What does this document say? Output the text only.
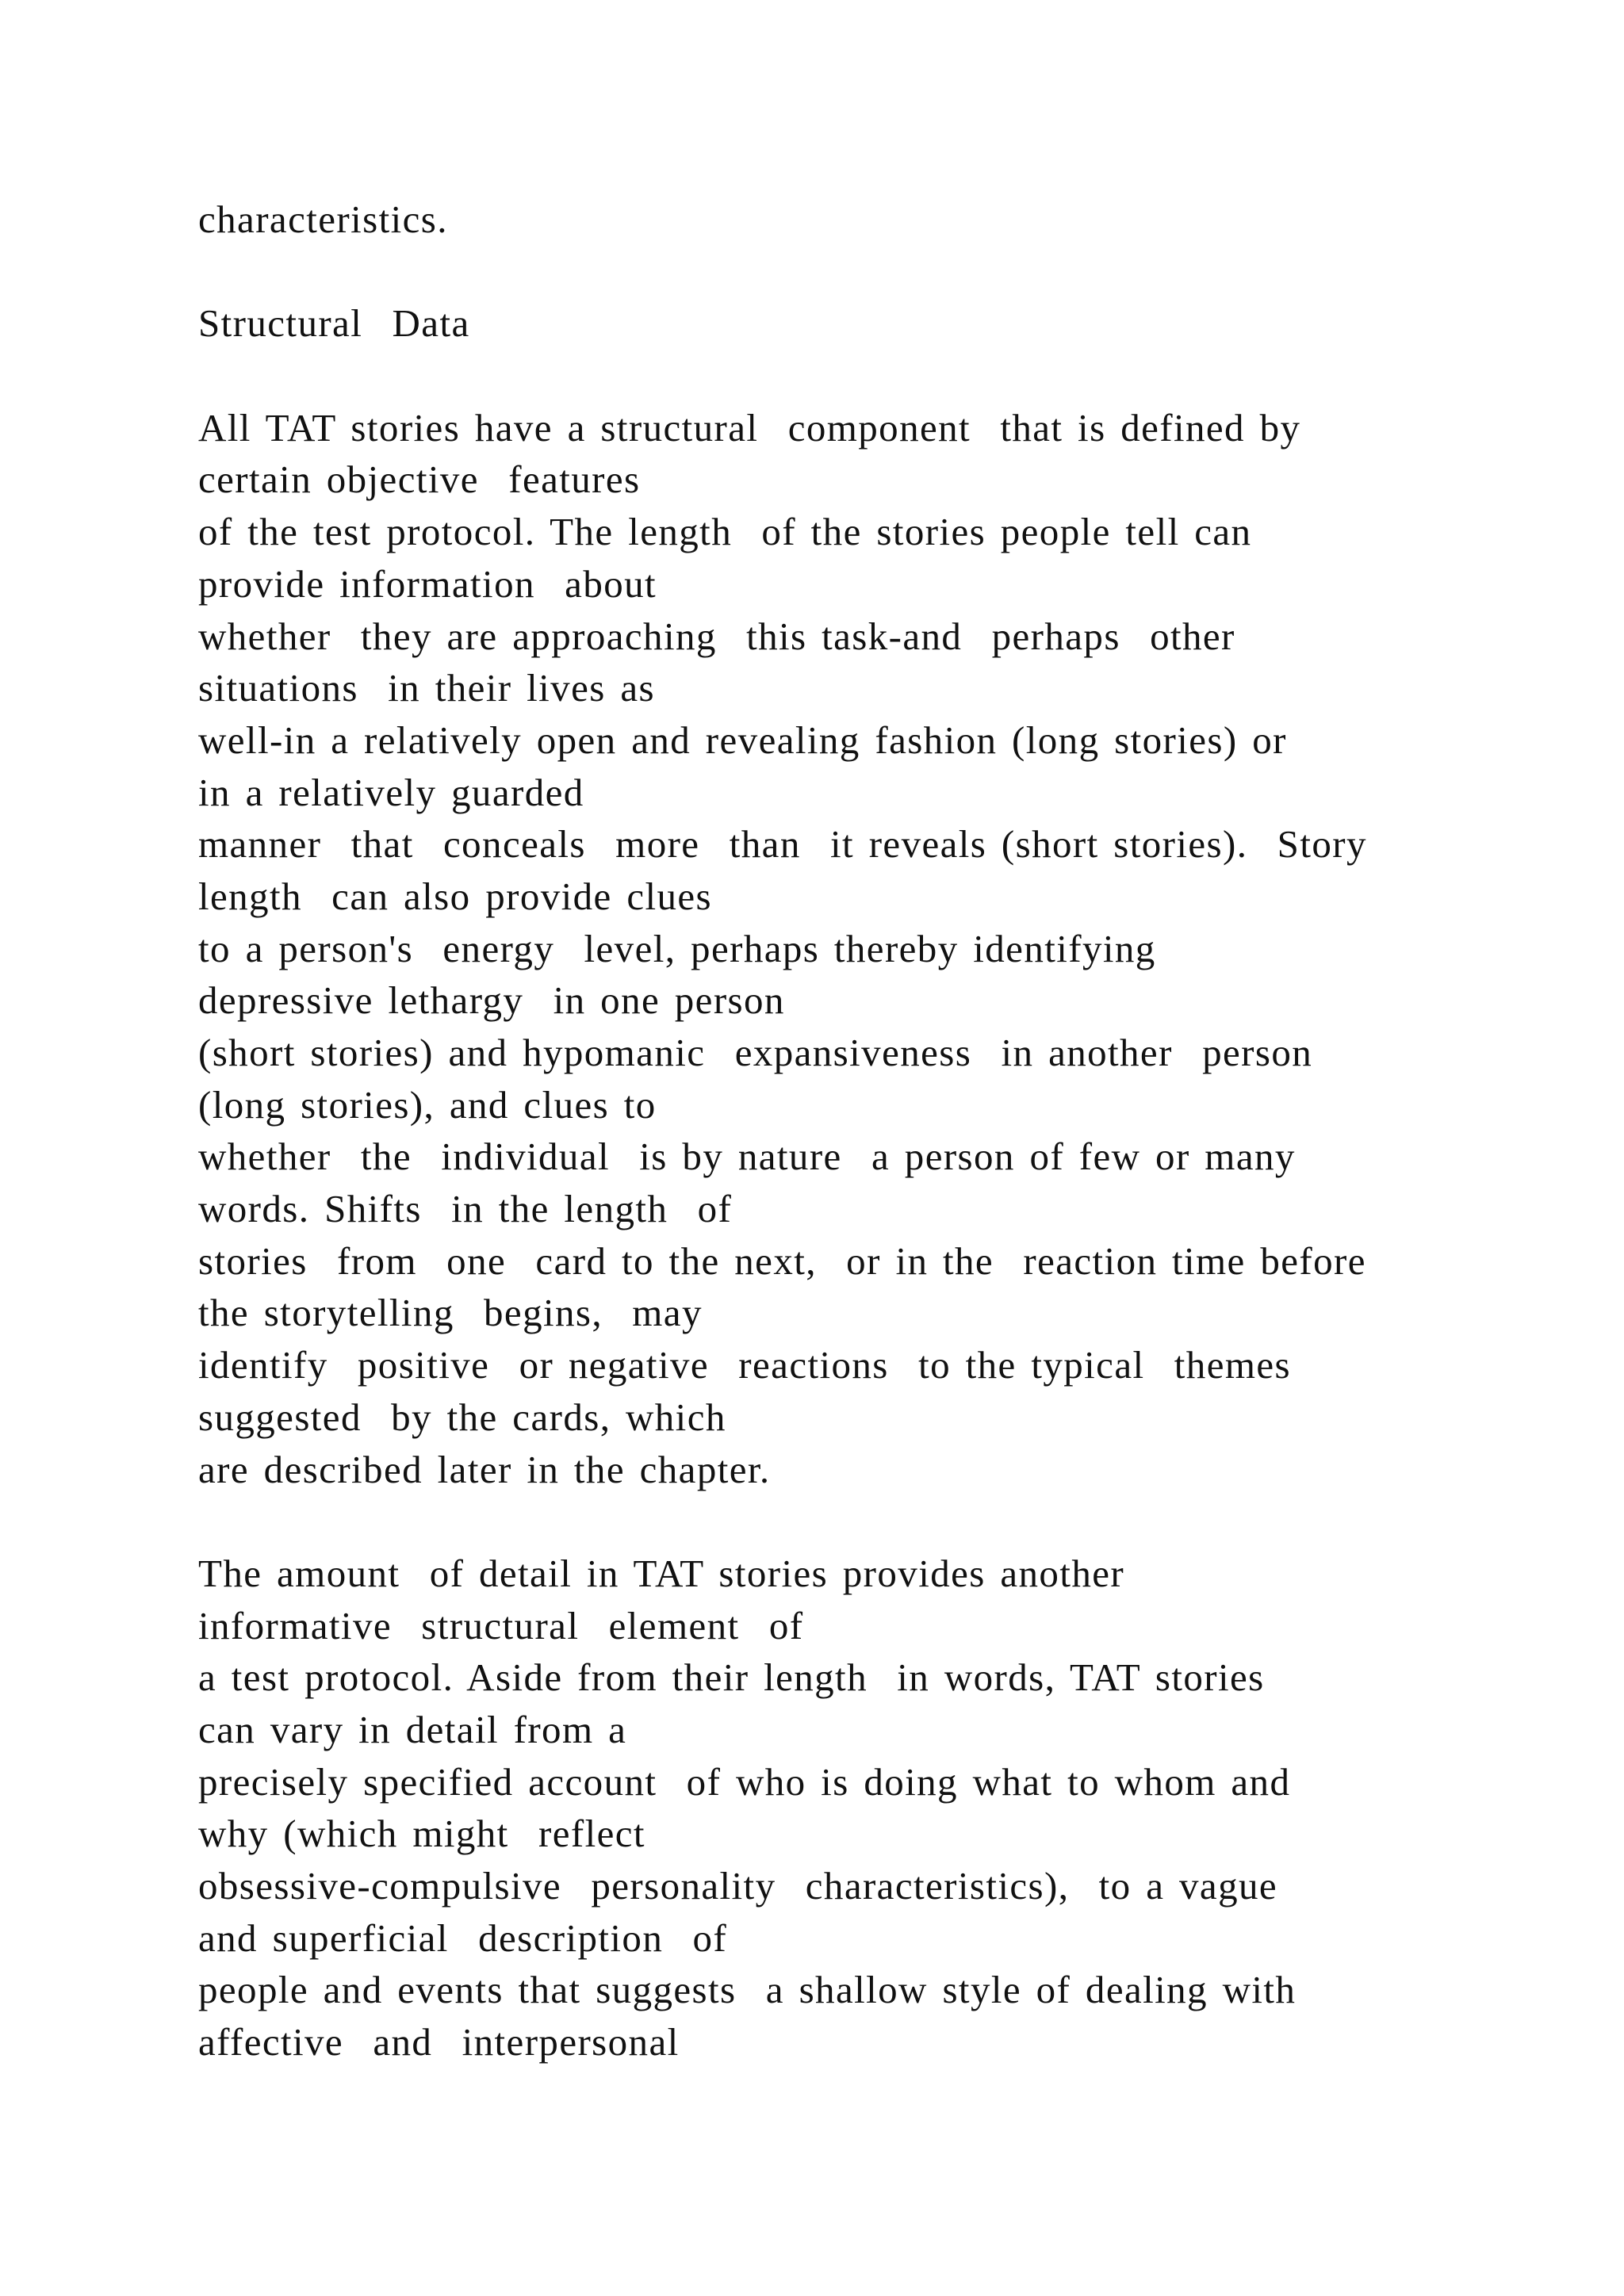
characteristics.
Structural  Data
All TAT stories have a structural  component  that is defined by
certain objective  features
of the test protocol. The length  of the stories people tell can
provide information  about
whether  they are approaching  this task-and  perhaps  other
situations  in their lives as
well-in a relatively open and revealing fashion (long stories) or
in a relatively guarded
manner  that  conceals  more  than  it reveals (short stories).  Story
length  can also provide clues
to a person's  energy  level, perhaps thereby identifying
depressive lethargy  in one person
(short stories) and hypomanic  expansiveness  in another  person
(long stories), and clues to
whether  the  individual  is by nature  a person of few or many
words. Shifts  in the length  of
stories  from  one  card to the next,  or in the  reaction time before
the storytelling  begins,  may
identify  positive  or negative  reactions  to the typical  themes
suggested  by the cards, which
are described later in the chapter.
The amount  of detail in TAT stories provides another
informative  structural  element  of
a test protocol. Aside from their length  in words, TAT stories
can vary in detail from a
precisely specified account  of who is doing what to whom and
why (which might  reflect
obsessive-compulsive  personality  characteristics),  to a vague
and superficial  description  of
people and events that suggests  a shallow style of dealing with
affective  and  interpersonal
